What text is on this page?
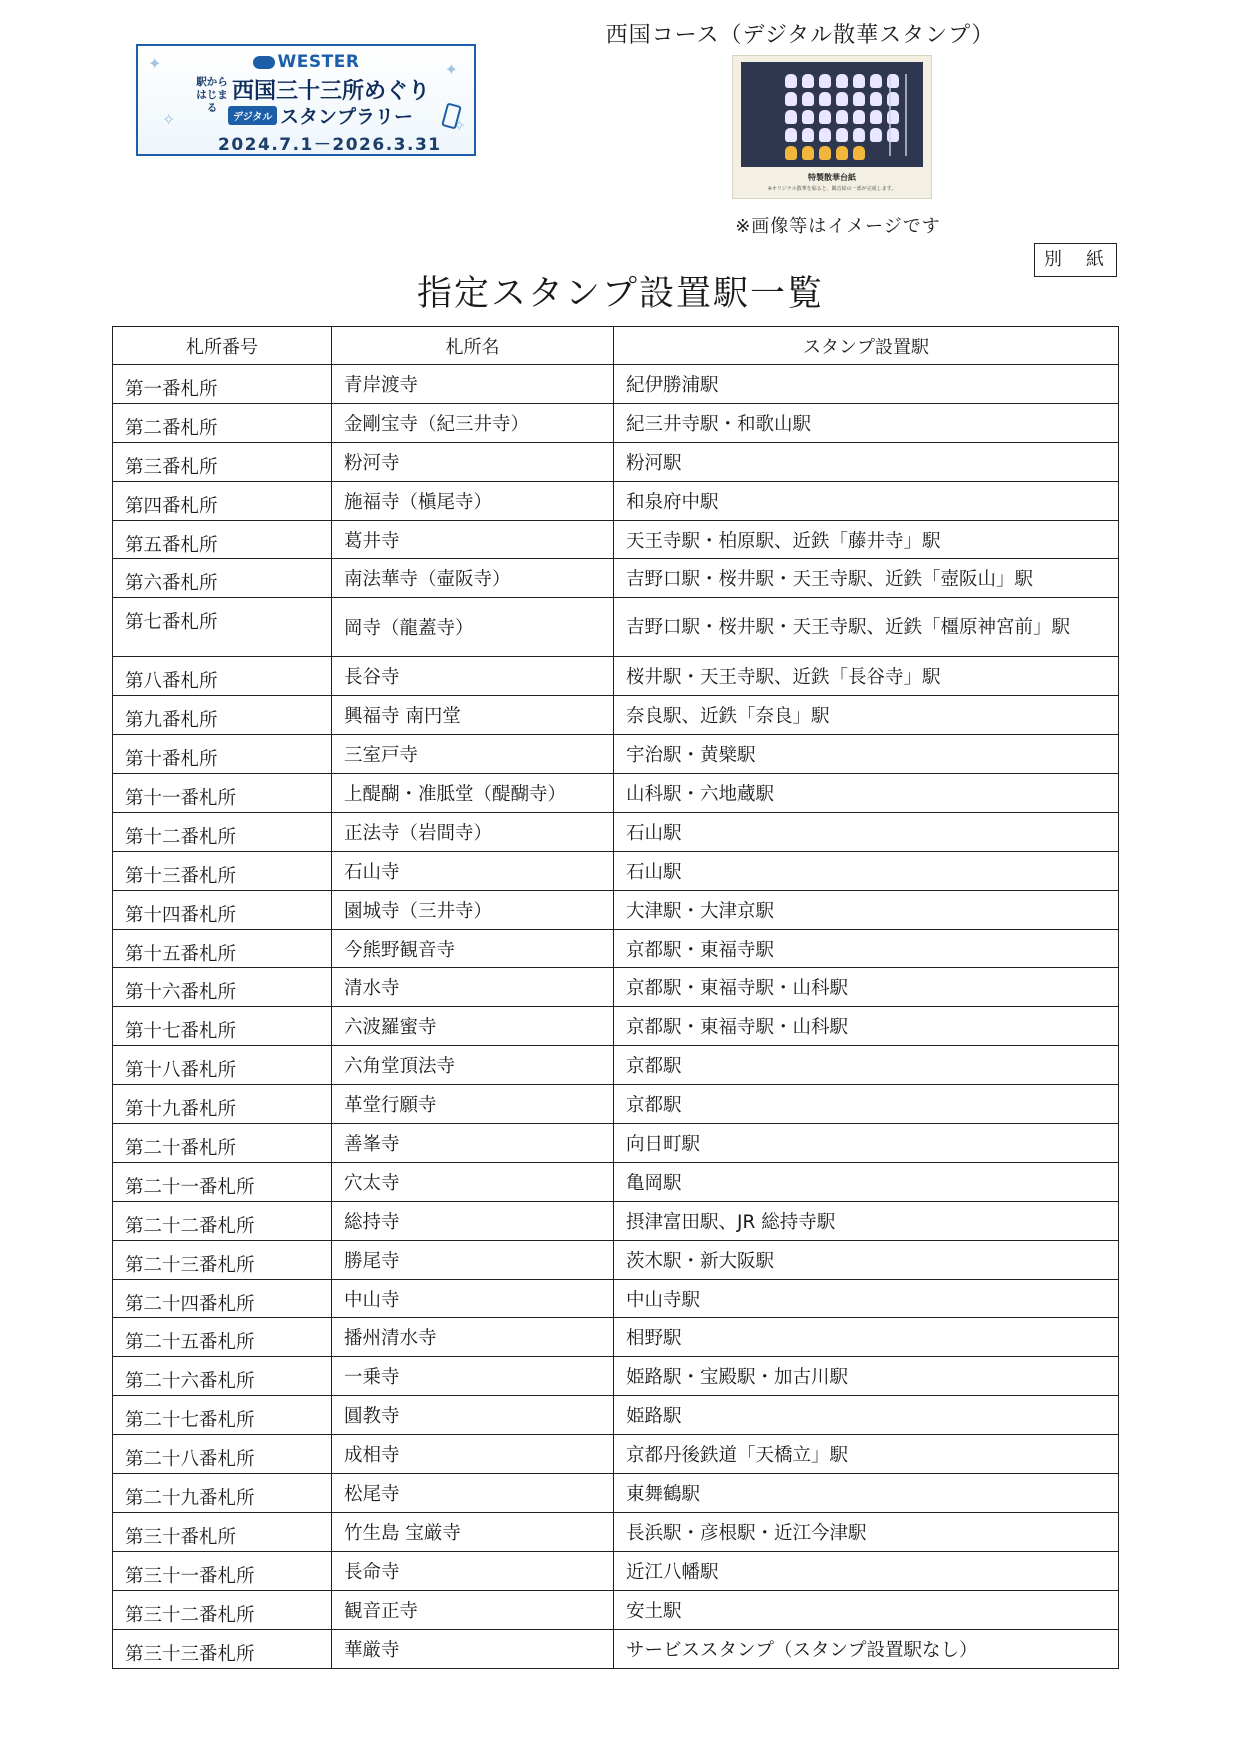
✦
✧
✦
✧
WESTER
駅から
はじまる
西国三十三所めぐり
デジタル スタンプラリー
2024.7.1－2026.3.31
西国コース（デジタル散華スタンプ）
特製散華台紙
※オリジナル散華を貼ると、観音絵の一部が完成します。
※画像等はイメージです
別　紙
指定スタンプ設置駅一覧
札所番号	札所名	スタンプ設置駅
第一番札所	青岸渡寺	紀伊勝浦駅
第二番札所	金剛宝寺（紀三井寺）	紀三井寺駅・和歌山駅
第三番札所	粉河寺	粉河駅
第四番札所	施福寺（槇尾寺）	和泉府中駅
第五番札所	葛井寺	天王寺駅・柏原駅、近鉄「藤井寺」駅
第六番札所	南法華寺（壷阪寺）	吉野口駅・桜井駅・天王寺駅、近鉄「壺阪山」駅
第七番札所	岡寺（龍蓋寺）	吉野口駅・桜井駅・天王寺駅、近鉄「橿原神宮前」駅
第八番札所	長谷寺	桜井駅・天王寺駅、近鉄「長谷寺」駅
第九番札所	興福寺 南円堂	奈良駅、近鉄「奈良」駅
第十番札所	三室戸寺	宇治駅・黄檗駅
第十一番札所	上醍醐・准胝堂（醍醐寺）	山科駅・六地蔵駅
第十二番札所	正法寺（岩間寺）	石山駅
第十三番札所	石山寺	石山駅
第十四番札所	園城寺（三井寺）	大津駅・大津京駅
第十五番札所	今熊野観音寺	京都駅・東福寺駅
第十六番札所	清水寺	京都駅・東福寺駅・山科駅
第十七番札所	六波羅蜜寺	京都駅・東福寺駅・山科駅
第十八番札所	六角堂頂法寺	京都駅
第十九番札所	革堂行願寺	京都駅
第二十番札所	善峯寺	向日町駅
第二十一番札所	穴太寺	亀岡駅
第二十二番札所	総持寺	摂津富田駅、JR 総持寺駅
第二十三番札所	勝尾寺	茨木駅・新大阪駅
第二十四番札所	中山寺	中山寺駅
第二十五番札所	播州清水寺	相野駅
第二十六番札所	一乗寺	姫路駅・宝殿駅・加古川駅
第二十七番札所	圓教寺	姫路駅
第二十八番札所	成相寺	京都丹後鉄道「天橋立」駅
第二十九番札所	松尾寺	東舞鶴駅
第三十番札所	竹生島 宝厳寺	長浜駅・彦根駅・近江今津駅
第三十一番札所	長命寺	近江八幡駅
第三十二番札所	観音正寺	安土駅
第三十三番札所	華厳寺	サービススタンプ（スタンプ設置駅なし）
